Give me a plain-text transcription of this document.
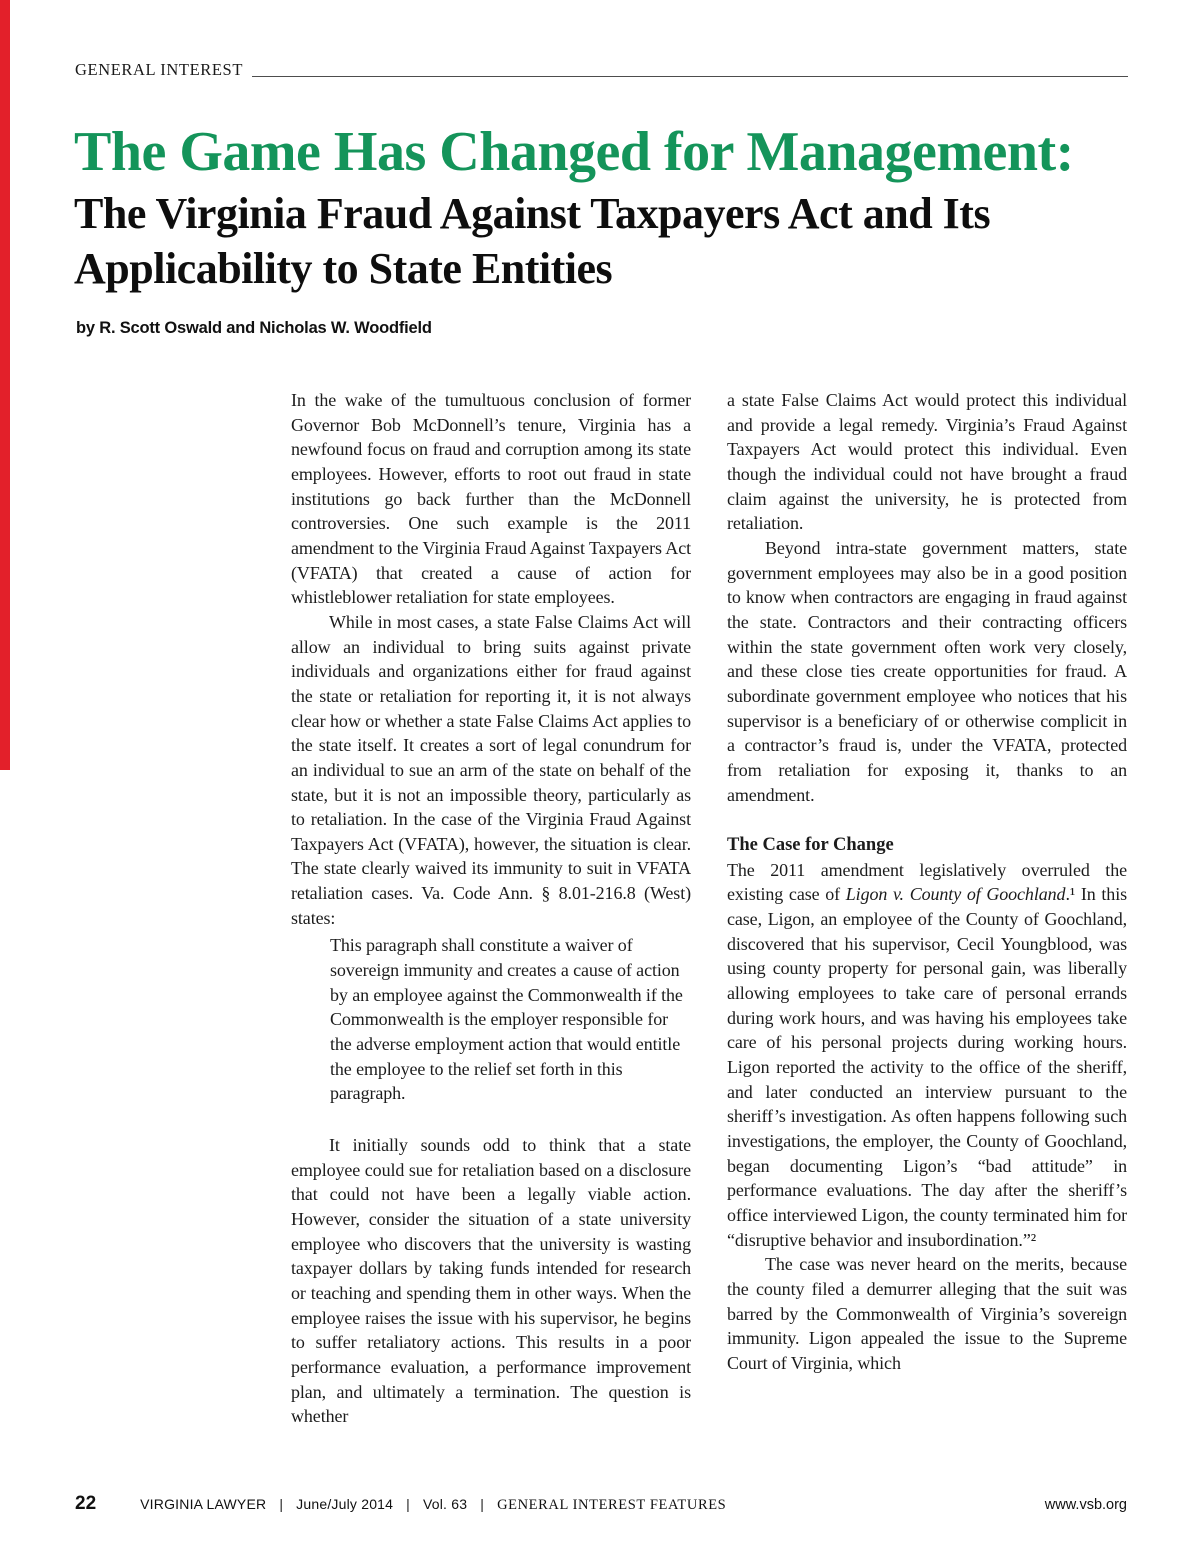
GENERAL INTEREST
The Game Has Changed for Management:
The Virginia Fraud Against Taxpayers Act and Its
Applicability to State Entities
by R. Scott Oswald and Nicholas W. Woodfield

In the wake of the tumultuous conclusion of former Governor Bob McDonnell’s tenure, Virginia has a newfound focus on fraud and corruption among its state employees. However, efforts to root out fraud in state institutions go back further than the McDonnell controversies. One such example is the 2011 amendment to the Virginia Fraud Against Taxpayers Act (VFATA) that created a cause of action for whistleblower retaliation for state employees.

While in most cases, a state False Claims Act will allow an individual to bring suits against private individuals and organizations either for fraud against the state or retaliation for reporting it, it is not always clear how or whether a state False Claims Act applies to the state itself. It creates a sort of legal conundrum for an individual to sue an arm of the state on behalf of the state, but it is not an impossible theory, particularly as to retaliation. In the case of the Virginia Fraud Against Taxpayers Act (VFATA), however, the situation is clear. The state clearly waived its immunity to suit in VFATA retaliation cases. Va. Code Ann. § 8.01-216.8 (West) states:

This paragraph shall constitute a waiver of sovereign immunity and creates a cause of action by an employee against the Commonwealth if the Commonwealth is the employer responsible for the adverse employment action that would entitle the employee to the relief set forth in this paragraph.

It initially sounds odd to think that a state employee could sue for retaliation based on a disclosure that could not have been a legally viable action. However, consider the situation of a state university employee who discovers that the university is wasting taxpayer dollars by taking funds intended for research or teaching and spending them in other ways. When the employee raises the issue with his supervisor, he begins to suffer retaliatory actions. This results in a poor performance evaluation, a performance improvement plan, and ultimately a termination. The question is whether

a state False Claims Act would protect this individual and provide a legal remedy. Virginia’s Fraud Against Taxpayers Act would protect this individual. Even though the individual could not have brought a fraud claim against the university, he is protected from retaliation.

Beyond intra-state government matters, state government employees may also be in a good position to know when contractors are engaging in fraud against the state. Contractors and their contracting officers within the state government often work very closely, and these close ties create opportunities for fraud. A subordinate government employee who notices that his supervisor is a beneficiary of or otherwise complicit in a contractor’s fraud is, under the VFATA, protected from retaliation for exposing it, thanks to an amendment.

The Case for Change

The 2011 amendment legislatively overruled the existing case of Ligon v. County of Goochland.¹ In this case, Ligon, an employee of the County of Goochland, discovered that his supervisor, Cecil Youngblood, was using county property for personal gain, was liberally allowing employees to take care of personal errands during work hours, and was having his employees take care of his personal projects during working hours. Ligon reported the activity to the office of the sheriff, and later conducted an interview pursuant to the sheriff’s investigation. As often happens following such investigations, the employer, the County of Goochland, began documenting Ligon’s “bad attitude” in performance evaluations. The day after the sheriff’s office interviewed Ligon, the county terminated him for “disruptive behavior and insubordination.”²

The case was never heard on the merits, because the county filed a demurrer alleging that the suit was barred by the Commonwealth of Virginia’s sovereign immunity. Ligon appealed the issue to the Supreme Court of Virginia, which

22	VIRGINIA LAWYER | June/July 2014 | Vol. 63 | GENERAL INTEREST FEATURES	www.vsb.org
